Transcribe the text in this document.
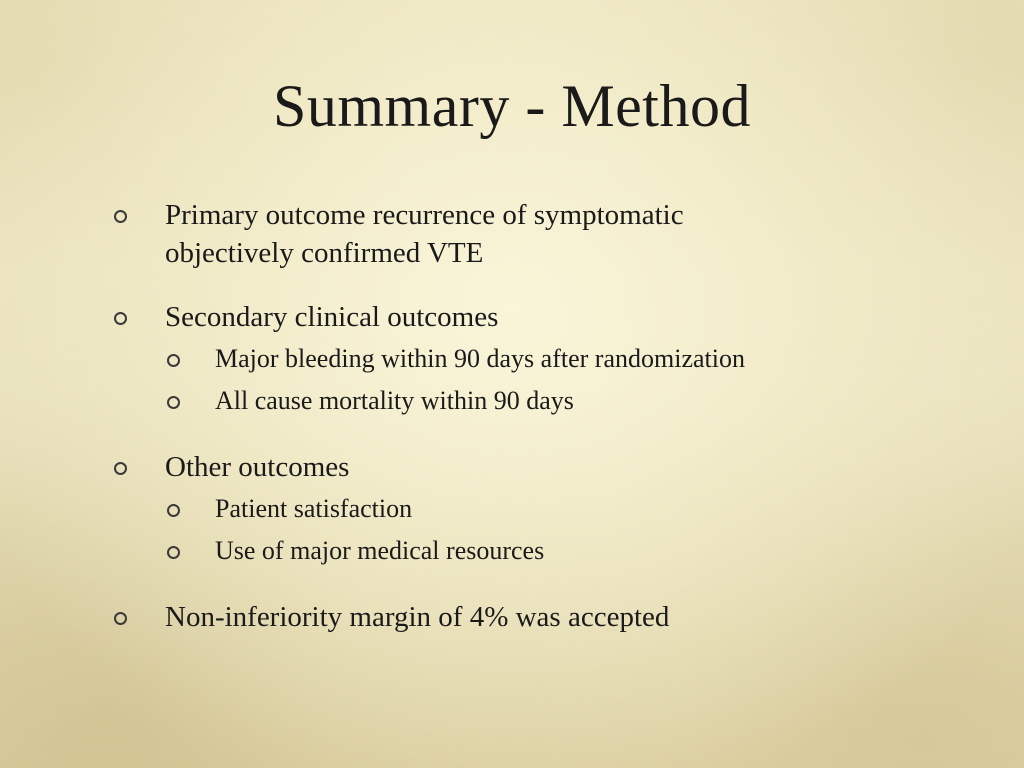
Summary - Method
Primary outcome recurrence of symptomatic objectively confirmed VTE
Secondary clinical outcomes
Major bleeding within 90 days after randomization
All cause mortality within 90 days
Other outcomes
Patient satisfaction
Use of major medical resources
Non-inferiority margin of 4% was accepted
